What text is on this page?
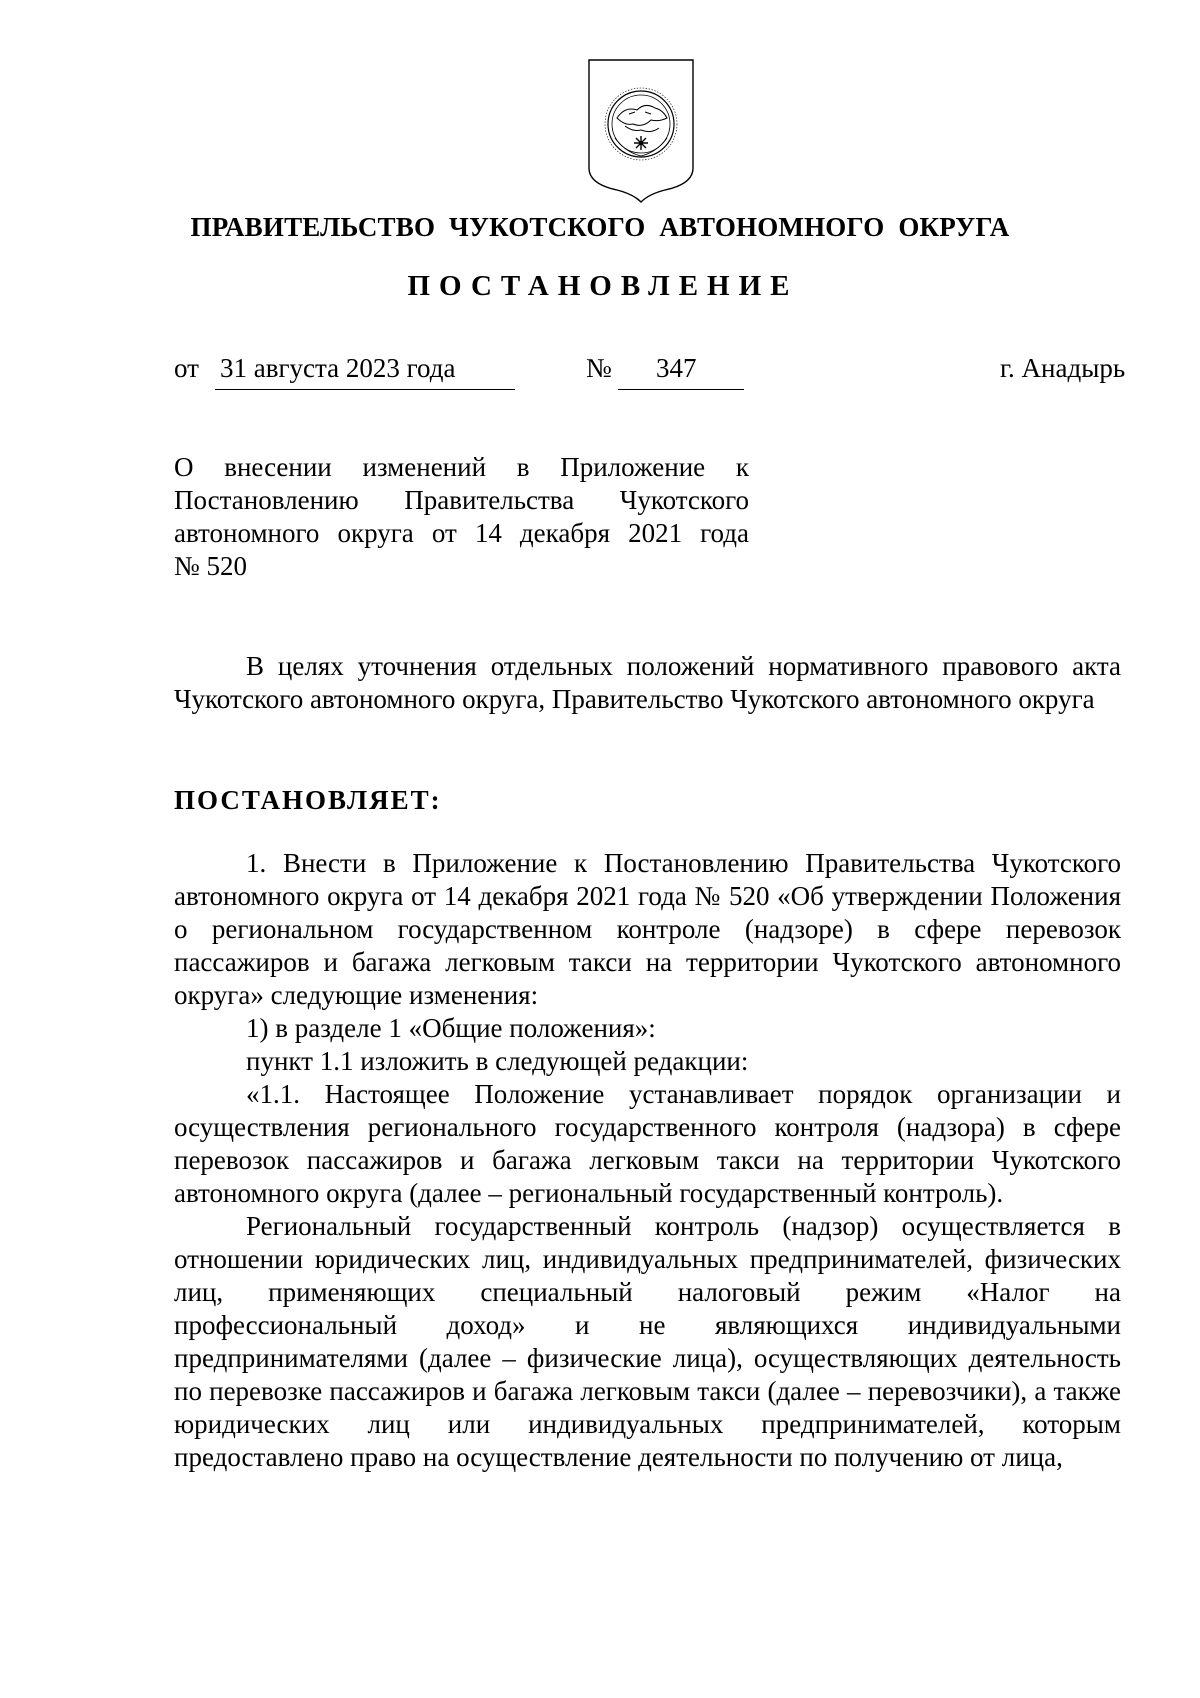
ПРАВИТЕЛЬСТВО  ЧУКОТСКОГО  АВТОНОМНОГО  ОКРУГА
ПОСТАНОВЛЕНИЕ
от 31 августа 2023 года	№ 347	г. Анадырь
О внесении изменений в Приложение к
Постановлению Правительства Чукотского
автономного округа от 14 декабря 2021 года
№ 520

В целях уточнения отдельных положений нормативного правового акта Чукотского автономного округа, Правительство Чукотского автономного округа

ПОСТАНОВЛЯЕТ:

1. Внести в Приложение к Постановлению Правительства Чукотского автономного округа от 14 декабря 2021 года № 520 «Об утверждении Положения о региональном государственном контроле (надзоре) в сфере перевозок пассажиров и багажа легковым такси на территории Чукотского автономного округа» следующие изменения:

1) в разделе 1 «Общие положения»:

пункт 1.1 изложить в следующей редакции:

«1.1. Настоящее Положение устанавливает порядок организации и осуществления регионального государственного контроля (надзора) в сфере перевозок пассажиров и багажа легковым такси на территории Чукотского автономного округа (далее – региональный государственный контроль).

Региональный государственный контроль (надзор) осуществляется в отношении юридических лиц, индивидуальных предпринимателей, физических лиц, применяющих специальный налоговый режим «Налог на профессиональный доход» и не являющихся индивидуальными предпринимателями (далее – физические лица), осуществляющих деятельность по перевозке пассажиров и багажа легковым такси (далее – перевозчики), а также юридических лиц или индивидуальных предпринимателей, которым предоставлено право на осуществление деятельности по получению от лица,
